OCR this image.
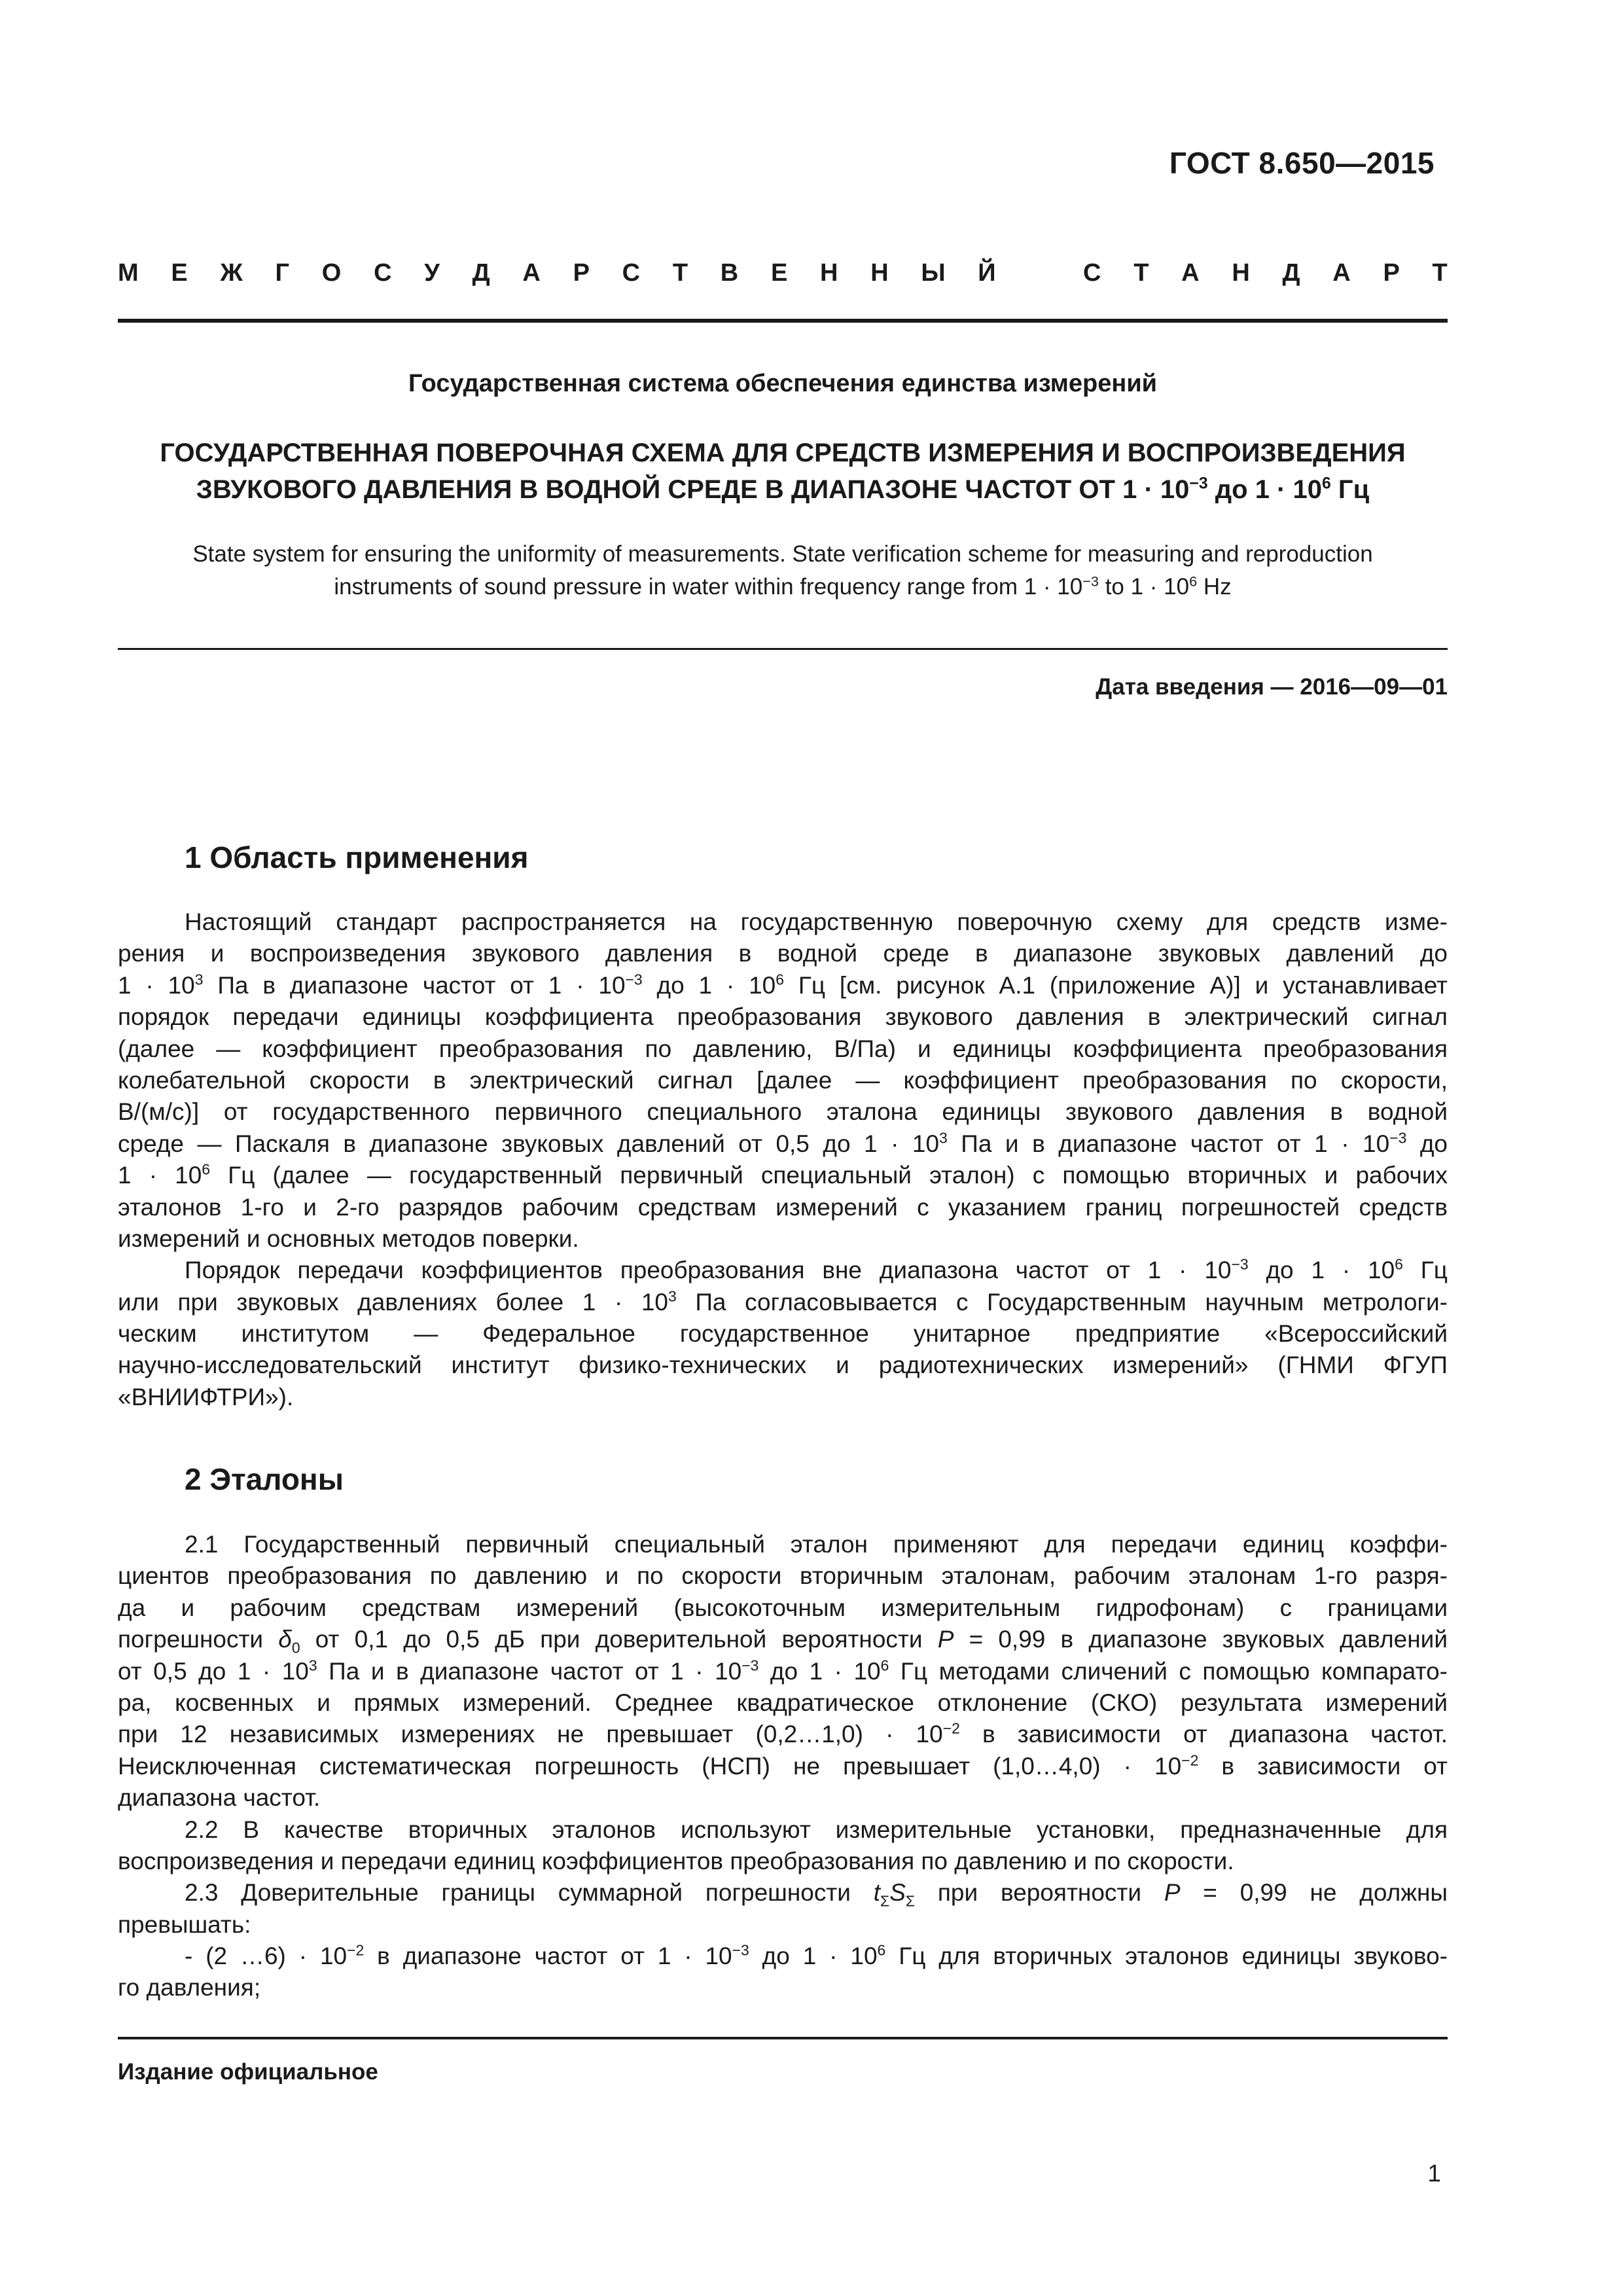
ГОСТ 8.650—2015
М Е Ж Г О С У Д А Р С Т В Е Н Н Ы Й	С Т А Н Д А Р Т
Государственная система обеспечения единства измерений
ГОСУДАРСТВЕННАЯ ПОВЕРОЧНАЯ СХЕМА ДЛЯ СРЕДСТВ ИЗМЕРЕНИЯ И ВОСПРОИЗВЕДЕНИЯ
ЗВУКОВОГО ДАВЛЕНИЯ В ВОДНОЙ СРЕДЕ В ДИАПАЗОНЕ ЧАСТОТ ОТ $1 \cdot 10^{-3}$ до $1 \cdot 10^6$ Гц
State system for ensuring the uniformity of measurements. State verification scheme for measuring and reproduction
instruments of sound pressure in water within frequency range from $1 \cdot 10^{-3}$ to $1 \cdot 10^6$ Hz
Дата введения — 2016—09—01
1 Область применения
Настоящий стандарт распространяется на государственную поверочную схему для средств изме-
рения и воспроизведения звукового давления в водной среде в диапазоне звуковых давлений до
$1 \cdot 10^3$ Па в диапазоне частот от $1 \cdot 10^{-3}$ до $1 \cdot 10^6$ Гц [см. рисунок А.1 (приложение А)] и устанавливает
порядок передачи единицы коэффициента преобразования звукового давления в электрический сигнал
(далее — коэффициент преобразования по давлению, В/Па) и единицы коэффициента преобразования
колебательной скорости в электрический сигнал [далее — коэффициент преобразования по скорости,
В/(м/с)] от государственного первичного специального эталона единицы звукового давления в водной
среде — Паскаля в диапазоне звуковых давлений от 0,5 до $1 \cdot 10^3$ Па и в диапазоне частот от $1 \cdot 10^{-3}$ до
$1 \cdot 10^6$ Гц (далее — государственный первичный специальный эталон) с помощью вторичных и рабочих
эталонов 1-го и 2-го разрядов рабочим средствам измерений с указанием границ погрешностей средств
измерений и основных методов поверки.
Порядок передачи коэффициентов преобразования вне диапазона частот от $1 \cdot 10^{-3}$ до $1 \cdot 10^6$ Гц
или при звуковых давлениях более $1 \cdot 10^3$ Па согласовывается с Государственным научным метрологи-
ческим институтом — Федеральное государственное унитарное предприятие «Всероссийский
научно-исследовательский институт физико-технических и радиотехнических измерений» (ГНМИ ФГУП
«ВНИИФТРИ»).
2 Эталоны
2.1 Государственный первичный специальный эталон применяют для передачи единиц коэффи-
циентов преобразования по давлению и по скорости вторичным эталонам, рабочим эталонам 1-го разря-
да и рабочим средствам измерений (высокоточным измерительным гидрофонам) с границами
погрешности $\delta_0$ от 0,1 до 0,5 дБ при доверительной вероятности P = 0,99 в диапазоне звуковых давлений
от 0,5 до $1 \cdot 10^3$ Па и в диапазоне частот от $1 \cdot 10^{-3}$ до $1 \cdot 10^6$ Гц методами сличений с помощью компарато-
ра, косвенных и прямых измерений. Среднее квадратическое отклонение (СКО) результата измерений
при 12 независимых измерениях не превышает (0,2…1,0) · $10^{-2}$ в зависимости от диапазона частот.
Неисключенная систематическая погрешность (НСП) не превышает (1,0…4,0) · $10^{-2}$ в зависимости от
диапазона частот.
2.2 В качестве вторичных эталонов используют измерительные установки, предназначенные для
воспроизведения и передачи единиц коэффициентов преобразования по давлению и по скорости.
2.3 Доверительные границы суммарной погрешности $t_\Sigma S_\Sigma$ при вероятности P = 0,99 не должны
превышать:
- (2 …6) · $10^{-2}$ в диапазоне частот от $1 \cdot 10^{-3}$ до $1 \cdot 10^6$ Гц для вторичных эталонов единицы звуково-
го давления;
Издание официальное
1
